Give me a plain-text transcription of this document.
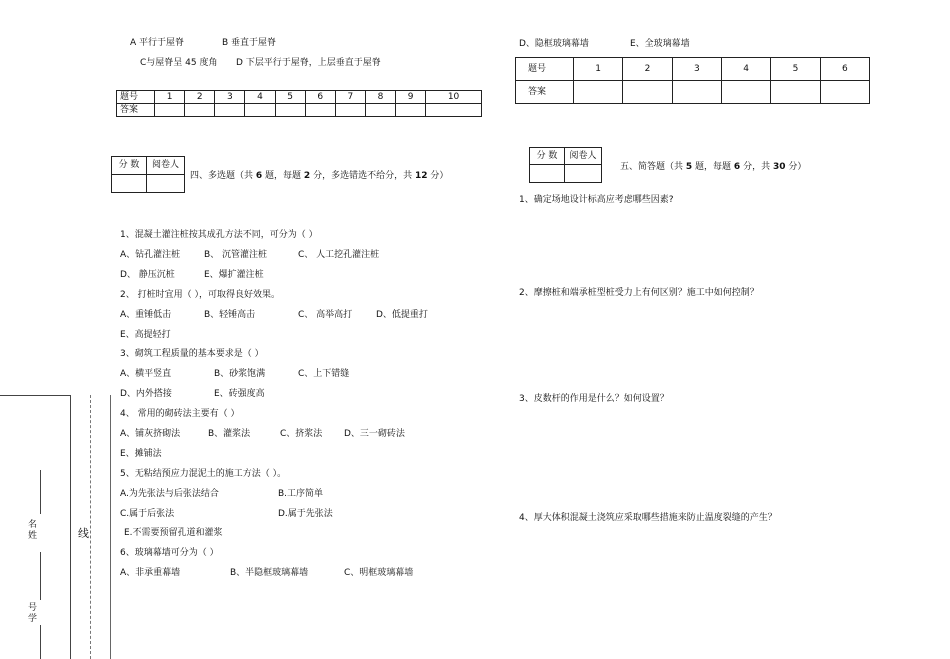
A 平行于屋脊	B 垂直于屋脊
C与屋脊呈 45 度角 D 下层平行于屋脊，上层垂直于屋脊
题号	1	2	3	4	5	6	7	8	9	10
答案										
分 数	阅卷人

四、多选题（共 6 题，每题 2 分，多选错选不给分，共 12 分）
1、混凝土灌注桩按其成孔方法不同，可分为（ ）
A、钻孔灌注桩	B、 沉管灌注桩	C、 人工挖孔灌注桩
D、 静压沉桩	E、爆扩灌注桩
2、 打桩时宜用（ ），可取得良好效果。
A、重锤低击	B、轻锤高击	C、 高举高打	D、低提重打
E、高提轻打
3、砌筑工程质量的基本要求是（ ）
A、横平竖直	B、砂浆饱满	C、上下错缝
D、内外搭接	E、砖强度高
4、 常用的砌砖法主要有（ ）
A、铺灰挤砌法	B、灌浆法	C、挤浆法 D、三一砌砖法
E、摊铺法
5、无粘结预应力混泥土的施工方法（ ）。
A.为先张法与后张法结合	B.工序简单
C.属于后张法	D.属于先张法
E.不需要预留孔道和灌浆
6、玻璃幕墙可分为（ ）
A、非承重幕墙	B、半隐框玻璃幕墙	C、明框玻璃幕墙
名姓	线
号学
D、隐框玻璃幕墙	E、全玻璃幕墙
题号	1	2	3	4	5	6
答案						
分 数	阅卷人

五、简答题（共 5 题，每题 6 分，共 30 分）
1、确定场地设计标高应考虑哪些因素?
2、摩擦桩和端承桩型桩受力上有何区别？施工中如何控制？
3、皮数杆的作用是什么？如何设置？
4、厚大体积混凝土浇筑应采取哪些措施来防止温度裂缝的产生？
